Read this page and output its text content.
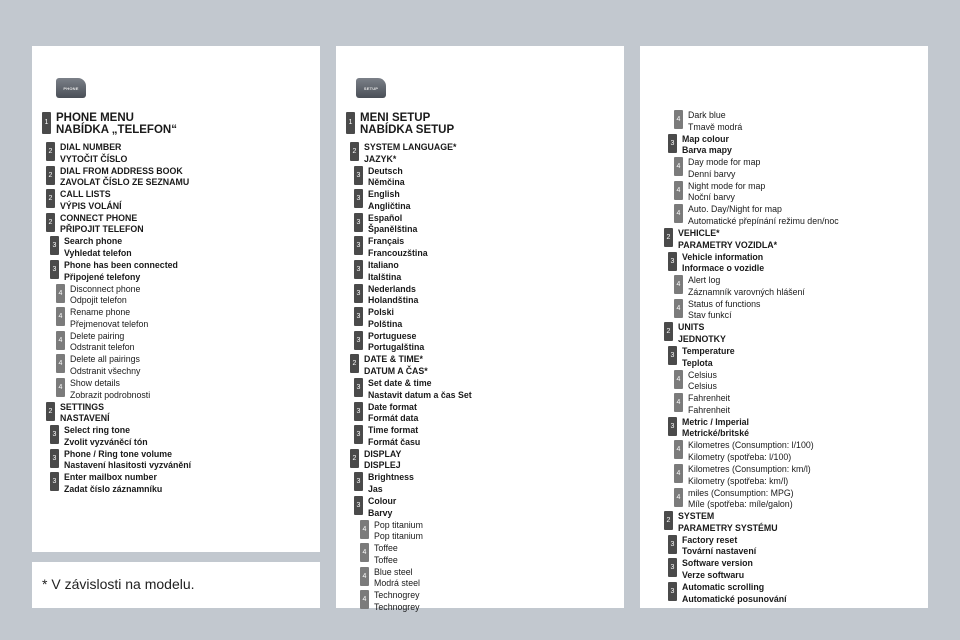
PHONE
1 PHONE MENU
NABÍDKA „TELEFON“
2 DIAL NUMBER
VYTOČIT ČÍSLO
2 DIAL FROM ADDRESS BOOK
ZAVOLAT ČÍSLO ZE SEZNAMU
2 CALL LISTS
VÝPIS VOLÁNÍ
2 CONNECT PHONE
PŘIPOJIT TELEFON
3 Search phone
Vyhledat telefon
3 Phone has been connected
Připojené telefony
4 Disconnect phone
Odpojit telefon
4 Rename phone
Přejmenovat telefon
4 Delete pairing
Odstranit telefon
4 Delete all pairings
Odstranit všechny
4 Show details
Zobrazit podrobnosti
2 SETTINGS
NASTAVENÍ
3 Select ring tone
Zvolit vyzváněcí tón
3 Phone / Ring tone volume
Nastavení hlasitosti vyzvánění
3 Enter mailbox number
Zadat číslo záznamníku
SETUP
1 MENI SETUP
NABÍDKA SETUP
2 SYSTEM LANGUAGE*
JAZYK*
3 Deutsch
Němčina
3 English
Angličtina
3 Español
Španělština
3 Français
Francouzština
3 Italiano
Italština
3 Nederlands
Holandština
3 Polski
Polština
3 Portuguese
Portugalština
2 DATE & TIME*
DATUM A ČAS*
3 Set date & time
Nastavit datum a čas Set
3 Date format
Formát data
3 Time format
Formát času
2 DISPLAY
DISPLEJ
3 Brightness
Jas
3 Colour
Barvy
4 Pop titanium
Pop titanium
4 Toffee
Toffee
4 Blue steel
Modrá steel
4 Technogrey
Technogrey
4 Dark blue
Tmavě modrá
3 Map colour
Barva mapy
4 Day mode for map
Denní barvy
4 Night mode for map
Noční barvy
4 Auto. Day/Night for map
Automatické přepínání režimu den/noc
2 VEHICLE*
PARAMETRY VOZIDLA*
3 Vehicle information
Informace o vozidle
4 Alert log
Záznamník varovných hlášení
4 Status of functions
Stav funkcí
2 UNITS
JEDNOTKY
3 Temperature
Teplota
4 Celsius
Celsius
4 Fahrenheit
Fahrenheit
3 Metric / Imperial
Metrické/britské
4 Kilometres (Consumption: l/100)
Kilometry (spotřeba: l/100)
4 Kilometres (Consumption: km/l)
Kilometry (spotřeba: km/l)
4 miles (Consumption: MPG)
Míle (spotřeba: míle/galon)
2 SYSTEM
PARAMETRY SYSTÉMU
3 Factory reset
Tovární nastavení
3 Software version
Verze softwaru
3 Automatic scrolling
Automatické posunování
* V závislosti na modelu.
